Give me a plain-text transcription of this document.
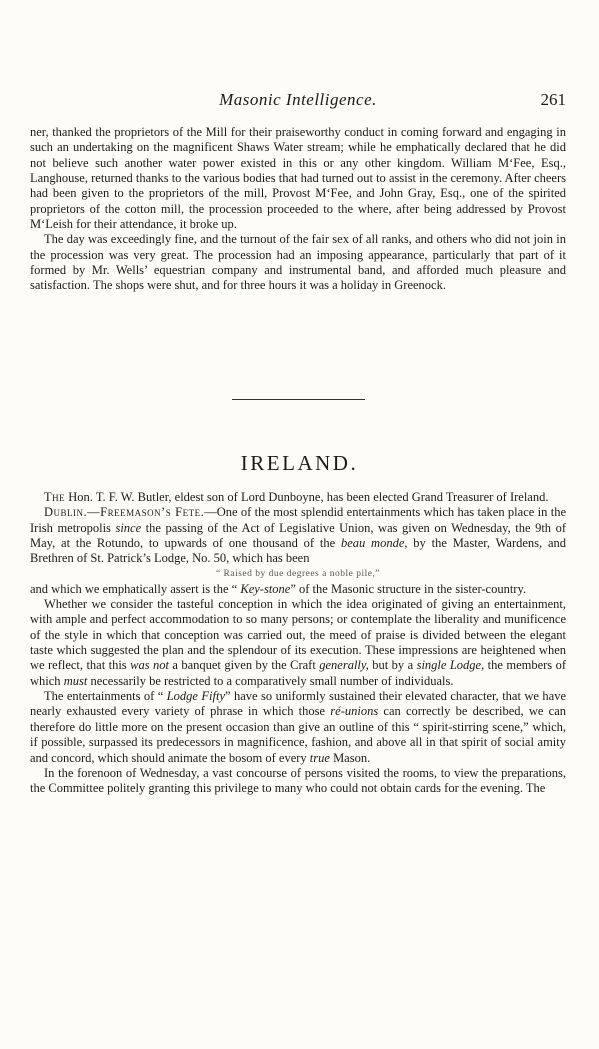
Masonic Intelligence.	261

ner, thanked the proprietors of the Mill for their praiseworthy conduct in coming forward and engaging in such an undertaking on the magnificent Shaws Water stream; while he emphatically declared that he did not believe such another water power existed in this or any other kingdom. William M‘Fee, Esq., Langhouse, returned thanks to the various bodies that had turned out to assist in the ceremony. After cheers had been given to the proprietors of the mill, Provost M‘Fee, and John Gray, Esq., one of the spirited proprietors of the cotton mill, the procession proceeded to the where, after being addressed by Provost M‘Leish for their attendance, it broke up.

The day was exceedingly fine, and the turnout of the fair sex of all ranks, and others who did not join in the procession was very great. The procession had an imposing appearance, particularly that part of it formed by Mr. Wells’ equestrian company and instrumental band, and afforded much pleasure and satisfaction. The shops were shut, and for three hours it was a holiday in Greenock.

IRELAND.

The Hon. T. F. W. Butler, eldest son of Lord Dunboyne, has been elected Grand Treasurer of Ireland.

Dublin.—Freemason’s Fete.—One of the most splendid entertainments which has taken place in the Irish metropolis since the passing of the Act of Legislative Union, was given on Wednesday, the 9th of May, at the Rotundo, to upwards of one thousand of the beau monde, by the Master, Wardens, and Brethren of St. Patrick’s Lodge, No. 50, which has been

“ Raised by due degrees a noble pile,”

and which we emphatically assert is the “ Key-stone” of the Masonic structure in the sister-country.

Whether we consider the tasteful conception in which the idea originated of giving an entertainment, with ample and perfect accommodation to so many persons; or contemplate the liberality and munificence of the style in which that conception was carried out, the meed of praise is divided between the elegant taste which suggested the plan and the splendour of its execution. These impressions are heightened when we reflect, that this was not a banquet given by the Craft generally, but by a single Lodge, the members of which must necessarily be restricted to a comparatively small number of individuals.

The entertainments of “ Lodge Fifty” have so uniformly sustained their elevated character, that we have nearly exhausted every variety of phrase in which those ré-unions can correctly be described, we can therefore do little more on the present occasion than give an outline of this “ spirit-stirring scene,” which, if possible, surpassed its predecessors in magnificence, fashion, and above all in that spirit of social amity and concord, which should animate the bosom of every true Mason.

In the forenoon of Wednesday, a vast concourse of persons visited the rooms, to view the preparations, the Committee politely granting this privilege to many who could not obtain cards for the evening. The
